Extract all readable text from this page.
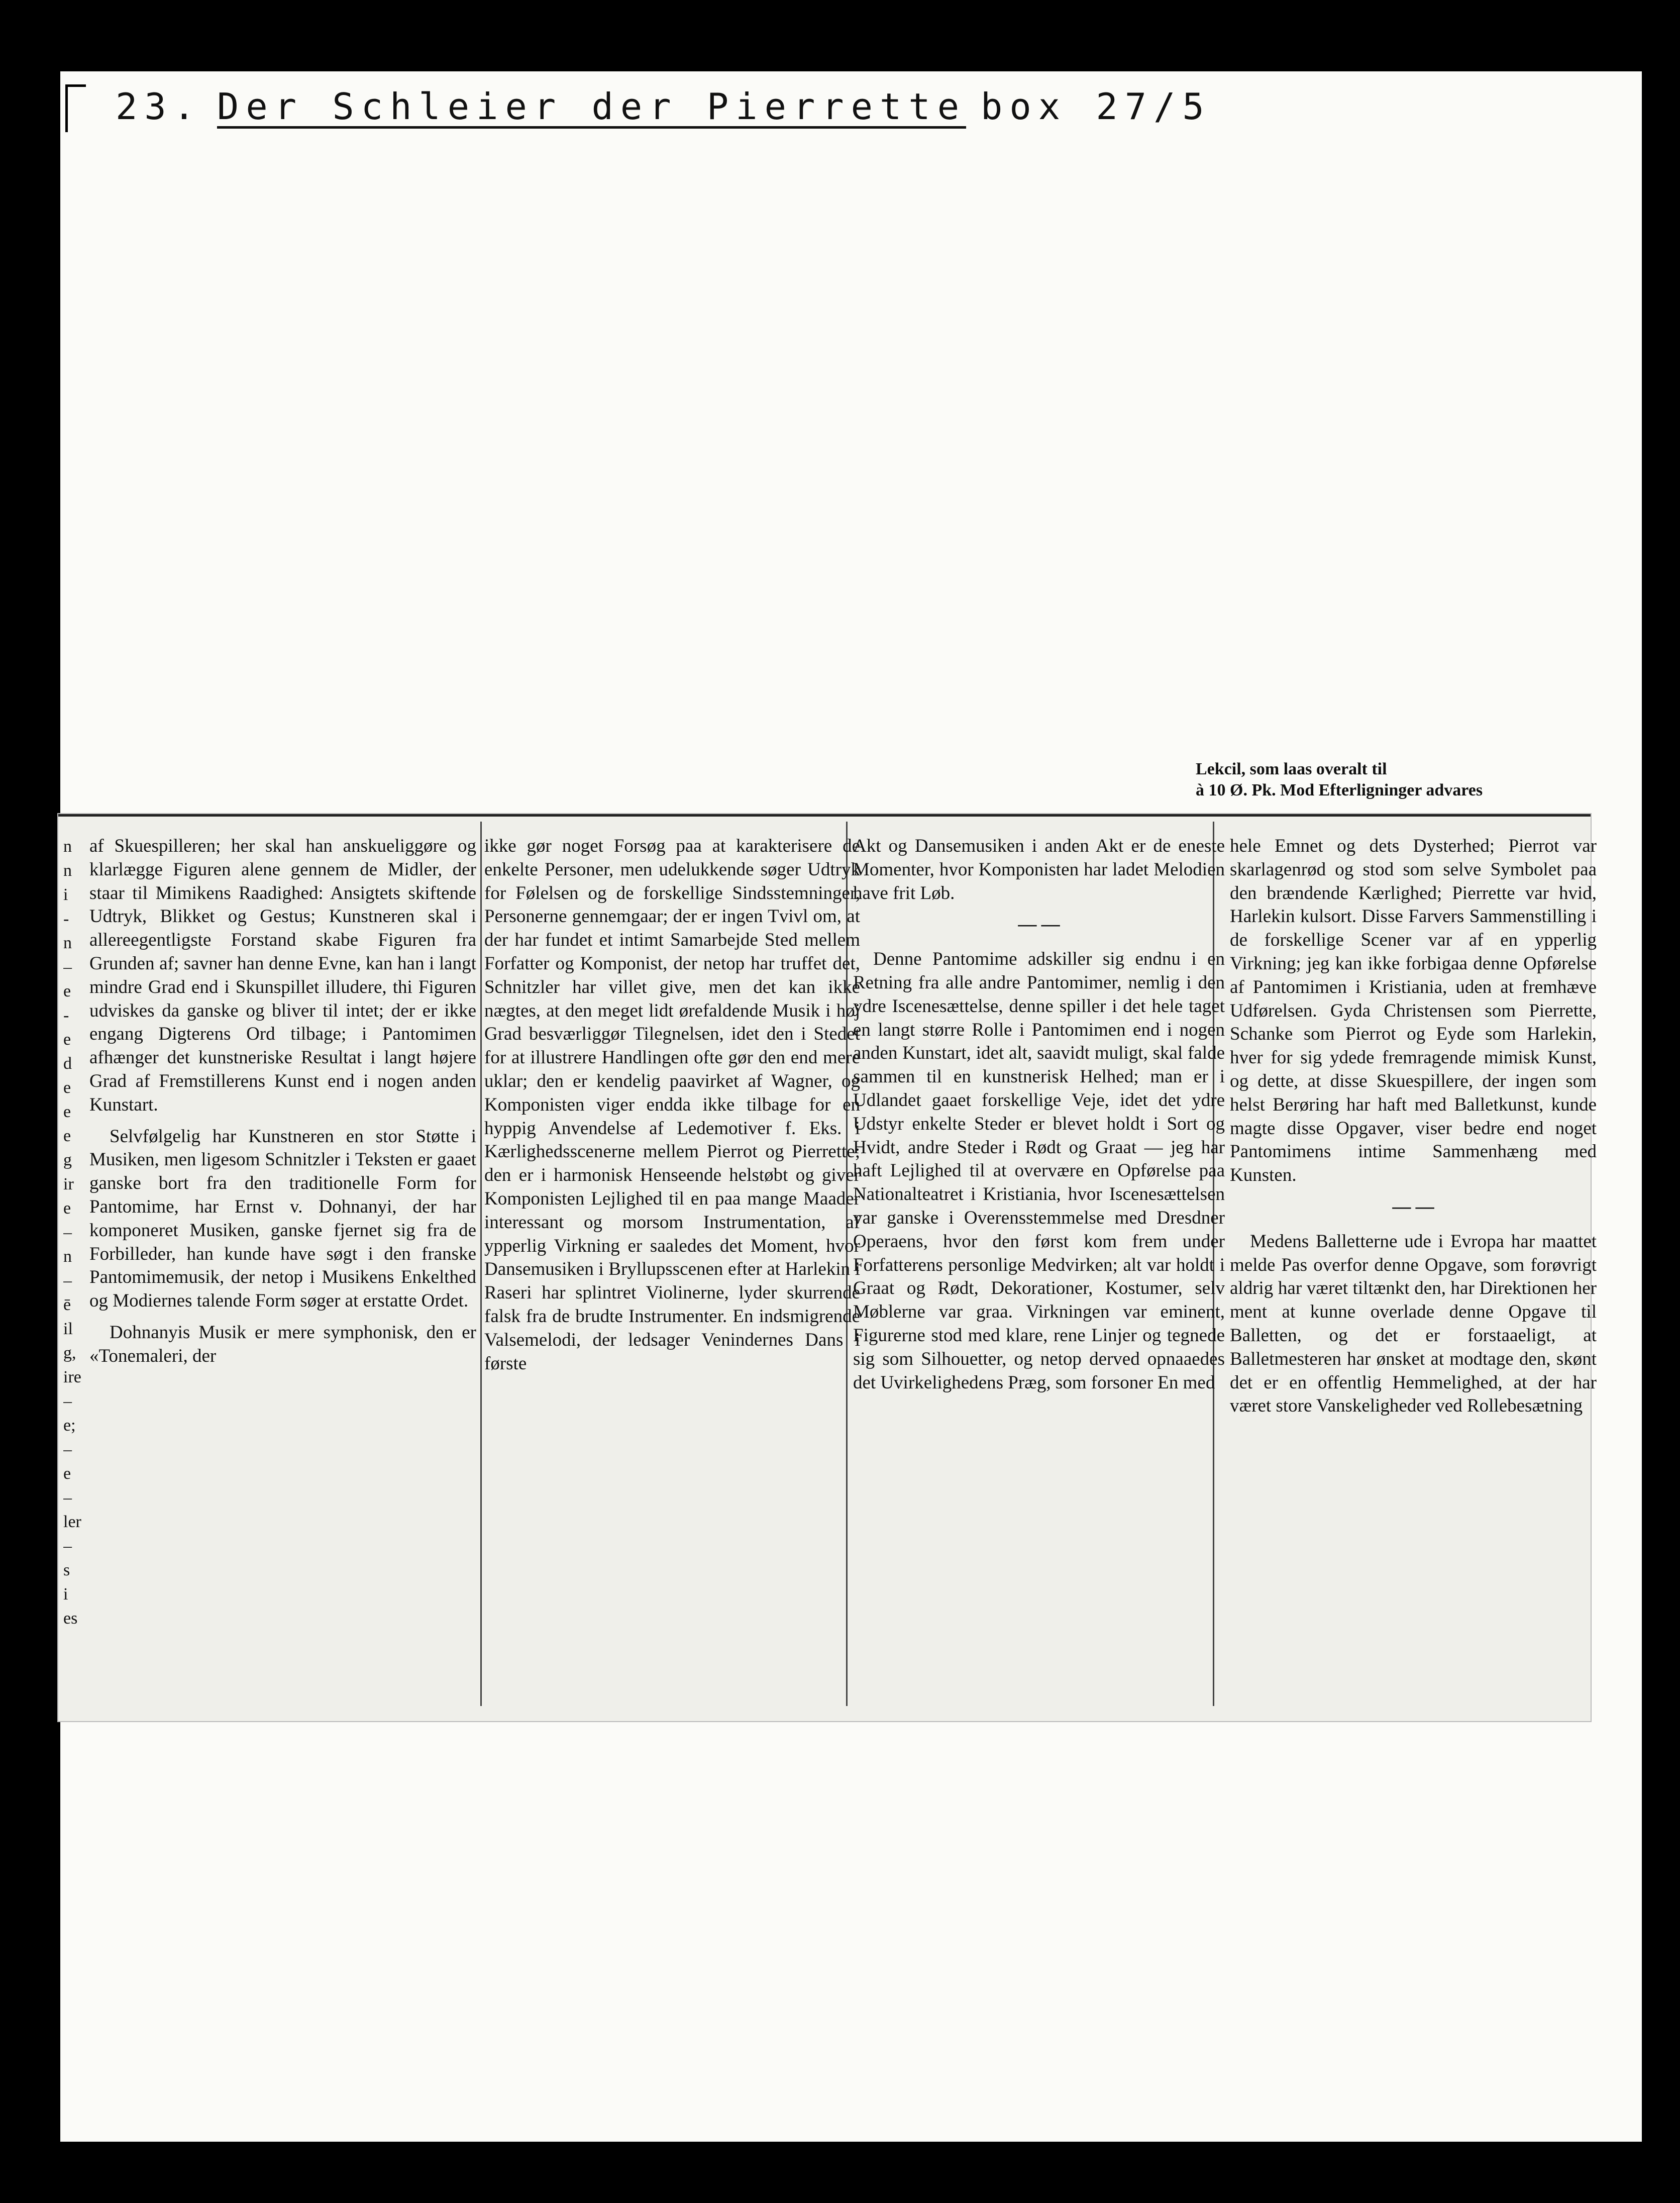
23. Der Schleier der Pierrette box 27/5
Lekcil, som laas overalt til
à 10 Ø. Pk. Mod Efterligninger advares
n
n
i
-
n
–
e
-
e
d
e
e
e
g
ir
e
–
n
–
ē
il
g,
ire
–
e;
–
e
–
ler
–
s
i
es

af Skuespilleren; her skal han anskueliggøre og klarlægge Figuren alene gennem de Midler, der staar til Mimikens Raadighed: Ansigtets skiftende Udtryk, Blikket og Gestus; Kunstneren skal i allereegentligste Forstand skabe Figuren fra Grunden af; savner han denne Evne, kan han i langt mindre Grad end i Skunspillet illudere, thi Figuren udviskes da ganske og bliver til intet; der er ikke engang Digterens Ord tilbage; i Pantomimen afhænger det kunstneriske Resultat i langt højere Grad af Fremstillerens Kunst end i nogen anden Kunstart.

Selvfølgelig har Kunstneren en stor Støtte i Musiken, men ligesom Schnitzler i Teksten er gaaet ganske bort fra den traditionelle Form for Pantomime, har Ernst v. Dohnanyi, der har komponeret Musiken, ganske fjernet sig fra de Forbilleder, han kunde have søgt i den franske Pantomimemusik, der netop i Musikens Enkelthed og Modiernes talende Form søger at erstatte Ordet.

Dohnanyis Musik er mere symphonisk, den er «Tonemaleri, der

ikke gør noget Forsøg paa at karakterisere de enkelte Personer, men udelukkende søger Udtryk for Følelsen og de forskellige Sindsstemninger, Personerne gennemgaar; der er ingen Tvivl om, at der har fundet et intimt Samarbejde Sted mellem Forfatter og Komponist, der netop har truffet det, Schnitzler har villet give, men det kan ikke nægtes, at den meget lidt ørefaldende Musik i høj Grad besværliggør Tilegnelsen, idet den i Stedet for at illustrere Handlingen ofte gør den end mere uklar; den er kendelig paavirket af Wagner, og Komponisten viger endda ikke tilbage for en hyppig Anvendelse af Ledemotiver f. Eks. i Kærlighedsscenerne mellem Pierrot og Pierrette; den er i harmonisk Henseende helstøbt og giver Komponisten Lejlighed til en paa mange Maader interessant og morsom Instrumentation, af ypperlig Virkning er saaledes det Moment, hvor Dansemusiken i Bryllupsscenen efter at Harlekin i Raseri har splintret Violinerne, lyder skurrende falsk fra de brudte Instrumenter. En indsmigrende Valsemelodi, der ledsager Venindernes Dans i første

Akt og Dansemusiken i anden Akt er de eneste Momenter, hvor Komponisten har ladet Melodien have frit Løb.

— —

Denne Pantomime adskiller sig endnu i en Retning fra alle andre Pantomimer, nemlig i den ydre Iscenesættelse, denne spiller i det hele taget en langt større Rolle i Pantomimen end i nogen anden Kunstart, idet alt, saavidt muligt, skal falde sammen til en kunstnerisk Helhed; man er i Udlandet gaaet forskellige Veje, idet det ydre Udstyr enkelte Steder er blevet holdt i Sort og Hvidt, andre Steder i Rødt og Graat — jeg har haft Lejlighed til at overvære en Opførelse paa Nationalteatret i Kristiania, hvor Iscenesættelsen var ganske i Overensstemmelse med Dresdner Operaens, hvor den først kom frem under Forfatterens personlige Medvirken; alt var holdt i Graat og Rødt, Dekorationer, Kostumer, selv Møblerne var graa. Virkningen var eminent, Figurerne stod med klare, rene Linjer og tegnede sig som Silhouetter, og netop derved opnaaedes det Uvirkelighedens Præg, som forsoner En med

hele Emnet og dets Dysterhed; Pierrot var skarlagenrød og stod som selve Symbolet paa den brændende Kærlighed; Pierrette var hvid, Harlekin kulsort. Disse Farvers Sammenstilling i de forskellige Scener var af en ypperlig Virkning; jeg kan ikke forbigaa denne Opførelse af Pantomimen i Kristiania, uden at fremhæve Udførelsen. Gyda Christensen som Pierrette, Schanke som Pierrot og Eyde som Harlekin, hver for sig ydede fremragende mimisk Kunst, og dette, at disse Skuespillere, der ingen som helst Berøring har haft med Balletkunst, kunde magte disse Opgaver, viser bedre end noget Pantomimens intime Sammenhæng med Kunsten.

— —

Medens Balletterne ude i Evropa har maattet melde Pas overfor denne Opgave, som forøvrigt aldrig har været tiltænkt den, har Direktionen her ment at kunne overlade denne Opgave til Balletten, og det er forstaaeligt, at Balletmesteren har ønsket at modtage den, skønt det er en offentlig Hemmelighed, at der har været store Vanskeligheder ved Rollebesætning
